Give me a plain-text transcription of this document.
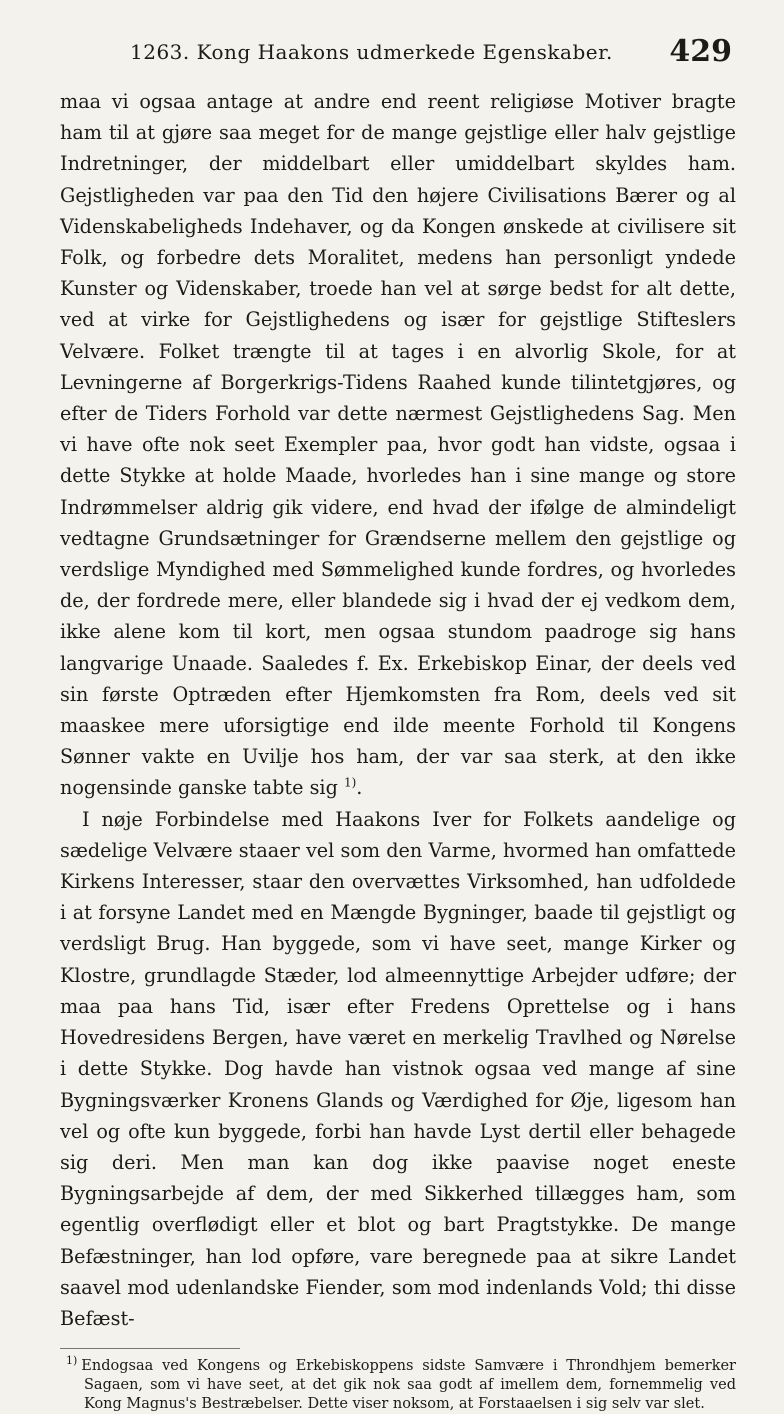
1263. Kong Haakons udmerkede Egenskaber. 429

maa vi ogsaa antage at andre end reent religiøse Motiver bragte ham til at gjøre saa meget for de mange gejstlige eller halv gejstlige Indretninger, der middelbart eller umiddelbart skyldes ham. Gejstligheden var paa den Tid den højere Civilisations Bærer og al Videnskabeligheds Indehaver, og da Kongen ønskede at civilisere sit Folk, og forbedre dets Moralitet, medens han personligt yndede Kunster og Videnskaber, troede han vel at sørge bedst for alt dette, ved at virke for Gejstlighedens og især for gejstlige Stifteslers Velvære. Folket trængte til at tages i en alvorlig Skole, for at Levningerne af Borgerkrigs-Tidens Raahed kunde tilintetgjøres, og efter de Tiders Forhold var dette nærmest Gejstlighedens Sag. Men vi have ofte nok seet Exempler paa, hvor godt han vidste, ogsaa i dette Stykke at holde Maade, hvorledes han i sine mange og store Indrømmelser aldrig gik videre, end hvad der ifølge de almindeligt vedtagne Grundsætninger for Grændserne mellem den gejstlige og verdslige Myndighed med Sømmelighed kunde fordres, og hvorledes de, der fordrede mere, eller blandede sig i hvad der ej vedkom dem, ikke alene kom til kort, men ogsaa stundom paadroge sig hans langvarige Unaade. Saaledes f. Ex. Erkebiskop Einar, der deels ved sin første Optræden efter Hjemkomsten fra Rom, deels ved sit maaskee mere uforsigtige end ilde meente Forhold til Kongens Sønner vakte en Uvilje hos ham, der var saa sterk, at den ikke nogensinde ganske tabte sig $^{1)}$.

I nøje Forbindelse med Haakons Iver for Folkets aandelige og sædelige Velvære staaer vel som den Varme, hvormed han omfattede Kirkens Interesser, staar den overvættes Virksomhed, han udfoldede i at forsyne Landet med en Mængde Bygninger, baade til gejstligt og verdsligt Brug. Han byggede, som vi have seet, mange Kirker og Klostre, grundlagde Stæder, lod almeennyttige Arbejder udføre; der maa paa hans Tid, især efter Fredens Oprettelse og i hans Hovedresidens Bergen, have været en merkelig Travlhed og Nørelse i dette Stykke. Dog havde han vistnok ogsaa ved mange af sine Bygningsværker Kronens Glands og Værdighed for Øje, ligesom han vel og ofte kun byggede, forbi han havde Lyst dertil eller behagede sig deri. Men man kan dog ikke paavise noget eneste Bygningsarbejde af dem, der med Sikkerhed tillægges ham, som egentlig overflødigt eller et blot og bart Pragtstykke. De mange Befæstninger, han lod opføre, vare beregnede paa at sikre Landet saavel mod udenlandske Fiender, som mod indenlands Vold; thi disse Befæst-

$^{1)}$ Endogsaa ved Kongens og Erkebiskoppens sidste Samvære i Throndhjem bemerker Sagaen, som vi have seet, at det gik nok saa godt af imellem dem, fornemmelig ved Kong Magnus's Bestræbelser. Dette viser noksom, at Forstaaelsen i sig selv var slet.
